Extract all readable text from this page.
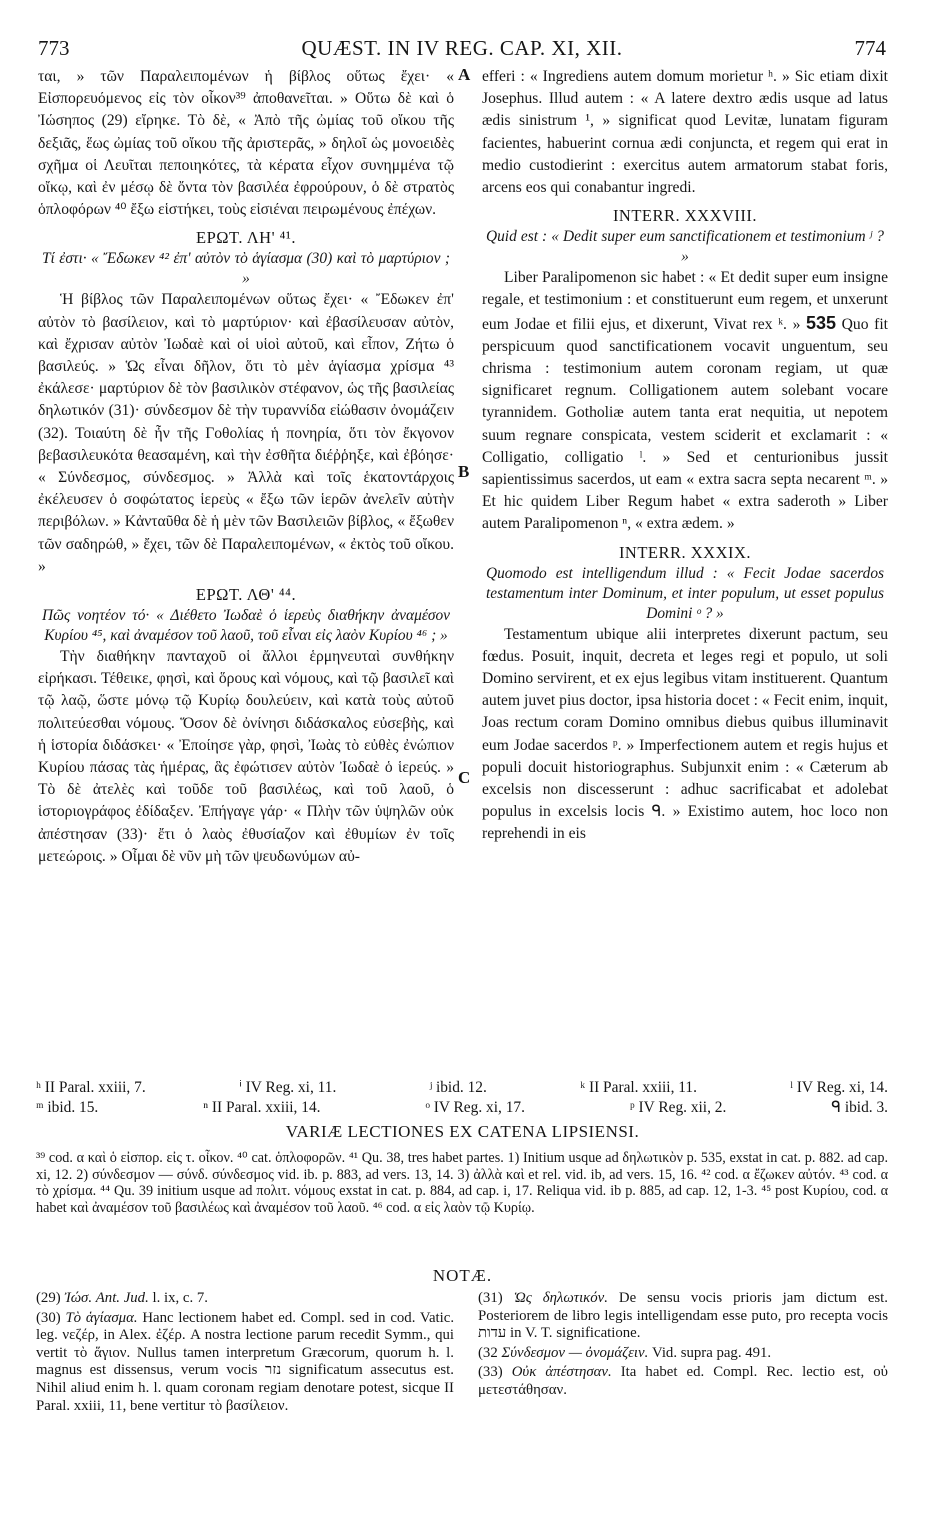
773	QUÆST. IN IV REG. CAP. XI, XII.	774
A
B
C

ται, » τῶν Παραλειπομένων ἡ βίβλος οὕτως ἔχει· « Εἰσπορευόμενος εἰς τὸν οἶκον³⁹ ἀποθανεῖται. » Οὕτω δὲ καὶ ὁ Ἰώσηπος (29) εἴρηκε. Τὸ δὲ, « Ἀπὸ τῆς ὠμίας τοῦ οἴκου τῆς δεξιᾶς, ἕως ὠμίας τοῦ οἴκου τῆς ἀριστερᾶς, » δηλοῖ ὡς μονοειδὲς σχῆμα οἱ Λευῖται πεποιηκότες, τὰ κέρατα εἶχον συνημμένα τῷ οἴκῳ, καὶ ἐν μέσῳ δὲ ὄντα τὸν βασιλέα ἐφρούρουν, ὁ δὲ στρατὸς ὁπλοφόρων ⁴⁰ ἔξω εἱστήκει, τοὺς εἰσιέναι πειρωμένους ἐπέχων.

ΕΡΩΤ. ΛΗ' ⁴¹.

Τί ἐστι· « Ἔδωκεν ⁴² ἐπ' αὐτὸν τὸ ἁγίασμα (30) καὶ τὸ μαρτύριον ; »

Ἡ βίβλος τῶν Παραλειπομένων οὕτως ἔχει· « Ἔδωκεν ἐπ' αὐτὸν τὸ βασίλειον, καὶ τὸ μαρτύριον· καὶ ἐβασίλευσαν αὐτὸν, καὶ ἔχρισαν αὐτὸν Ἰωδαὲ καὶ οἱ υἱοὶ αὐτοῦ, καὶ εἶπον, Ζήτω ὁ βασιλεύς. » Ὡς εἶναι δῆλον, ὅτι τὸ μὲν ἁγίασμα χρίσμα ⁴³ ἐκάλεσε· μαρτύριον δὲ τὸν βασιλικὸν στέφανον, ὡς τῆς βασιλείας δηλωτικόν (31)· σύνδεσμον δὲ τὴν τυραννίδα εἰώθασιν ὀνομάζειν (32). Τοιαύτη δὲ ἦν τῆς Γοθολίας ἡ πονηρία, ὅτι τὸν ἔκγονον βεβασιλευκότα θεασαμένη, καὶ τὴν ἐσθῆτα διέῤῥηξε, καὶ ἐβόησε· « Σύνδεσμος, σύνδεσμος. » Ἀλλὰ καὶ τοῖς ἑκατοντάρχοις ἐκέλευσεν ὁ σοφώτατος ἱερεὺς « ἔξω τῶν ἱερῶν ἀνελεῖν αὐτὴν περιβόλων. » Κἀνταῦθα δὲ ἡ μὲν τῶν Βασιλειῶν βίβλος, « ἔξωθεν τῶν σαδηρώθ, » ἔχει, τῶν δὲ Παραλειπομένων, « ἐκτὸς τοῦ οἴκου. »

ΕΡΩΤ. ΛΘ' ⁴⁴.

Πῶς νοητέον τό· « Διέθετο Ἰωδαὲ ὁ ἱερεὺς διαθήκην ἀναμέσον Κυρίου ⁴⁵, καὶ ἀναμέσον τοῦ λαοῦ, τοῦ εἶναι εἰς λαὸν Κυρίου ⁴⁶ ; »

Τὴν διαθήκην πανταχοῦ οἱ ἄλλοι ἑρμηνευταὶ συνθήκην εἰρήκασι. Τέθεικε, φησὶ, καὶ ὅρους καὶ νόμους, καὶ τῷ βασιλεῖ καὶ τῷ λαῷ, ὥστε μόνῳ τῷ Κυρίῳ δουλεύειν, καὶ κατὰ τοὺς αὐτοῦ πολιτεύεσθαι νόμους. Ὅσον δὲ ὀνίνησι διδάσκαλος εὐσεβὴς, καὶ ἡ ἱστορία διδάσκει· « Ἐποίησε γὰρ, φησὶ, Ἰωὰς τὸ εὐθὲς ἐνώπιον Κυρίου πάσας τὰς ἡμέρας, ἃς ἐφώτισεν αὐτὸν Ἰωδαὲ ὁ ἱερεύς. » Τὸ δὲ ἀτελὲς καὶ τοῦδε τοῦ βασιλέως, καὶ τοῦ λαοῦ, ὁ ἱστοριογράφος ἐδίδαξεν. Ἐπήγαγε γάρ· « Πλὴν τῶν ὑψηλῶν οὐκ ἀπέστησαν (33)· ἔτι ὁ λαὸς ἐθυσίαζον καὶ ἐθυμίων ἐν τοῖς μετεώροις. » Οἶμαι δὲ νῦν μὴ τῶν ψευδωνύμων αὐ-

efferi : « Ingrediens autem domum morietur ʰ. » Sic etiam dixit Josephus. Illud autem : « A latere dextro ædis usque ad latus ædis sinistrum ¹, » significat quod Levitæ, lunatam figuram facientes, habuerint cornua ædi conjuncta, et regem qui erat in medio custodierint : exercitus autem armatorum stabat foris, arcens eos qui conabantur ingredi.

INTERR. XXXVIII.

Quid est : « Dedit super eum sanctificationem et testimonium ʲ ? »

Liber Paralipomenon sic habet : « Et dedit super eum insigne regale, et testimonium : et constituerunt eum regem, et unxerunt eum Jodae et filii ejus, et dixerunt, Vivat rex ᵏ. » 535 Quo fit perspicuum quod sanctificationem vocavit unguentum, seu chrisma : testimonium autem coronam regiam, ut quæ significaret regnum. Colligationem autem solebant vocare tyrannidem. Gotholiæ autem tanta erat nequitia, ut nepotem suum regnare conspicata, vestem sciderit et exclamarit : « Colligatio, colligatio ˡ. » Sed et centurionibus jussit sapientissimus sacerdos, ut eam « extra sacra septa necarent ᵐ. » Et hic quidem Liber Regum habet « extra saderoth » Liber autem Paralipomenon ⁿ, « extra ædem. »

INTERR. XXXIX.

Quomodo est intelligendum illud : « Fecit Jodae sacerdos testamentum inter Dominum, et inter populum, ut esset populus Domini ᵒ ? »

Testamentum ubique alii interpretes dixerunt pactum, seu fœdus. Posuit, inquit, decreta et leges regi et populo, ut soli Domino servirent, et ex ejus legibus vitam instituerent. Quantum autem juvet pius doctor, ipsa historia docet : « Fecit enim, inquit, Joas rectum coram Domino omnibus diebus quibus illuminavit eum Jodae sacerdos ᵖ. » Imperfectionem autem et regis hujus et populi docuit historiographus. Subjunxit enim : « Cæterum ab excelsis non discesserunt : adhuc sacrificabat et adolebat populus in excelsis locis ᑫ. » Existimo autem, hoc loco non reprehendi in eis

ʰ II Paral. xxiii, 7.	ⁱ IV Reg. xi, 11.	ʲ ibid. 12.	ᵏ II Paral. xxiii, 11.	ˡ IV Reg. xi, 14.
ᵐ ibid. 15.	ⁿ II Paral. xxiii, 14.	ᵒ IV Reg. xi, 17.	ᵖ IV Reg. xii, 2.	ᑫ ibid. 3.
VARIÆ LECTIONES EX CATENA LIPSIENSI.
³⁹ cod. α καὶ ὁ εἰσπορ. εἰς τ. οἶκον. ⁴⁰ cat. ὁπλοφορῶν. ⁴¹ Qu. 38, tres habet partes. 1) Initium usque ad δηλωτικὸν p. 535, exstat in cat. p. 882. ad cap. xi, 12. 2) σύνδεσμον — σύνδ. σύνδεσμος vid. ib. p. 883, ad vers. 13, 14. 3) ἀλλὰ καὶ et rel. vid. ib, ad vers. 15, 16. ⁴² cod. α ἔζωκεν αὐτόν. ⁴³ cod. α τὸ χρίσμα. ⁴⁴ Qu. 39 initium usque ad πολιτ. νόμους exstat in cat. p. 884, ad cap. i, 17. Reliqua vid. ib p. 885, ad cap. 12, 1-3. ⁴⁵ post Κυρίου, cod. α habet καὶ ἀναμέσον τοῦ βασιλέως καὶ ἀναμέσον τοῦ λαοῦ. ⁴⁶ cod. α εἰς λαὸν τῷ Κυρίῳ.
NOTÆ.

(29) Ἰώσ. Ant. Jud. l. ix, c. 7.

(30) Τὸ ἁγίασμα. Hanc lectionem habet ed. Compl. sed in cod. Vatic. leg. νεζέρ, in Alex. ἐζέρ. A nostra lectione parum recedit Symm., qui vertit τὸ ἅγιον. Nullus tamen interpretum Græcorum, quorum h. l. magnus est dissensus, verum vocis נזר significatum assecutus est. Nihil aliud enim h. l. quam coronam regiam denotare potest, sicque II Paral. xxiii, 11, bene vertitur τὸ βασίλειον.

(31) Ὡς δηλωτικόν. De sensu vocis prioris jam dictum est. Posteriorem de libro legis intelligendam esse puto, pro recepta vocis עדות in V. T. significatione.

(32 Σύνδεσμον — ὀνομάζειν. Vid. supra pag. 491.

(33) Οὐκ ἀπέστησαν. Ita habet ed. Compl. Rec. lectio est, οὐ μετεστάθησαν.
